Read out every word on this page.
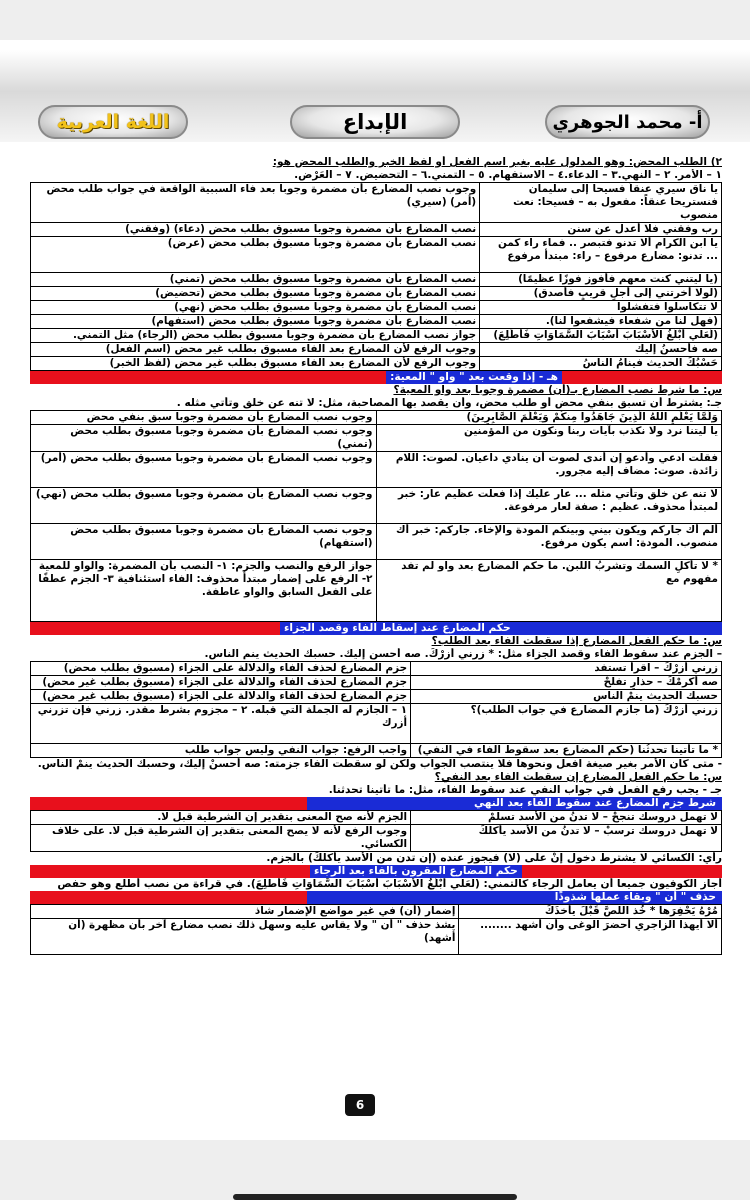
اللغة العربية	الإبداع	أ- محمد الجوهري
٢) الطلب المحض: وهو المدلول عليه بغير اسم الفعل أو لفظ الخبر والطلب المحض هو:
١ – الأمر. ٢ – النهي.٣ – الدعاء.٤ – الاستفهام. ٥ – التمني.٦ – التحضيض. ٧ – العَرْض.
يا ناق سيري عنقاً فسيحا إلى سليمان فنستريحا عنقاً: مفعول به – فسيحا: نعت منصوب	وجوب نصب المضارع بأن مضمرة وجوبا بعد فاء السببية الواقعة في جواب طلب محض (أمر) (سيري)
رب وفقني فلا أعدل عن سنن	نصب المضارع بأن مضمرة وجوبا مسبوق بطلب محض (دعاء) (وفقني)
يا ابن الكرام ألا تدنو فتبصر .. فماء راء كمن ... تدنو: مضارع مرفوع – راء: مبتدأ مرفوع	نصب المضارع بأن مضمرة وجوبا مسبوق بطلب محض (عرض)
(يا ليتني كنت معهم فأفوز فوزًا عظيمًا)	نصب المضارع بأن مضمرة وجوبا مسبوق بطلب محض (تمني)
(لولا أخرتني إلى أجلٍ قريبٍ فأصدق)	نصب المضارع بأن مضمرة وجوبا مسبوق بطلب محض (تحضيض)
لا تتكاسلوا فتفشلوا	نصب المضارع بأن مضمرة وجوبا مسبوق بطلب محض (نهي)
(فهل لنا من شفعاء فيشفعوا لنا).	نصب المضارع بأن مضمرة وجوبا مسبوق بطلب محض (استفهام)
(لَعَلِّي أَبْلُغُ الْأَسْبَابَ أَسْبَابَ السَّمَاوَاتِ فَأَطَّلِعَ)	جواز نصب المضارع بأن مضمرة وجوبا مسبوق بطلب محض (الرجاء) مثل التمني.
صه فأحسنُ إليك	وجوب الرفع لأن المضارع بعد الفاء مسبوق بطلب غير محض (اسم الفعل)
حَسْبُكَ الحديث فينامُ الناسُ	وجوب الرفع لأن المضارع بعد الفاء مسبوق بطلب غير محض (لفظ الخبر)
هـ - إذا وقعت بعد " واو " المعية:
س: ما شرط نصب المضارع بـ(أن) مضمرة وجوبا بعد واو المعية؟
جـ: يشترط أن تسبق بنفي محض أو طلب محض، وأن يقصد بها المصاحبة، مثل: لا تنه عن خلق وتأتي مثله .
وَلَمَّا يَعْلَمِ اللهُ الَّذِينَ جَاهَدُوا مِنكُمْ وَيَعْلَمَ الصَّابِرِينَ)	وجوب نصب المضارع بأن مضمرة وجوبا سبق بنفي محض
يا ليتنا نرد ولا نكذب بآيات ربنا ونكون من المؤمنين	وجوب نصب المضارع بأن مضمرة وجوبا مسبوق بطلب محض (تمني)
فقلت ادعي وأدعو إن أندى لصوت أن ينادي داعيان. لصوت: اللام زائدة. صوت: مضاف إليه مجرور.	وجوب نصب المضارع بأن مضمرة وجوبا مسبوق بطلب محض (أمر)
لا تنه عن خلق وتأتي مثله ... عار عليك إذا فعلت عظيم عار: خبر لمبتدأ محذوف. عظيم : صفة لعار مرفوعة.	وجوب نصب المضارع بأن مضمرة وجوبا مسبوق بطلب محض (نهي)
ألم أك جاركم ويكون بيني وبينكم المودة والإخاء. جاركم: خبر أك منصوب. المودة: اسم يكون مرفوع.	وجوب نصب المضارع بأن مضمرة وجوبا مسبوق بطلب محض (استفهام)
* لا تأكلِ السمك وتشربُ اللبن. ما حكم المضارع بعد واو لم تفد مفهوم مع	جواز الرفع والنصب والجزم: ١- النصب بأن المضمرة: والواو للمعية ٢- الرفع على إضمار مبتدأ محذوف: الفاء استئنافية ٣- الجزم عطفًا على الفعل السابق والواو عاطفة.
حكم المضارع عند إسقاط الفاء وقصد الجزاء
س: ما حكم الفعل المضارع إذا سقطت الفاء بعد الطلب؟
– الجزم عند سقوط الفاء وقصد الجزاء مثل: * زرني أزرْكَ. صه أحسن إليك. حسبك الحديث ينم الناس.
زرني أزرْكَ – اقرأ تستفد	جزم المضارع لحذف الفاء والدلالة على الجزاء (مسبوق بطلب محض)
صه أكرمْكَ – حذارِ تفلحْ	جزم المضارع لحذف الفاء والدلالة على الجزاء (مسبوق بطلب غير محض)
حسبك الحديث ينمْ الناس	جزم المضارع لحذف الفاء والدلالة على الجزاء (مسبوق بطلب غير محض)
زرني أزرْكَ (ما جازم المضارع في جواب الطلب)؟	١ – الجازم له الجملة التي قبله. ٢ – مجزوم بشرط مقدر. زرني فإن تزرني أزرك
* ما تأتينا تحدثُنا (حكم المضارع بعد سقوط الفاء في النفي)	واجب الرفع: جواب النفي وليس جواب طلب
- متى كان الأمر بغير صيغة افعل ونحوها فلا ينتصب الجواب ولكن لو سقطت الفاء جزمته: صه أحسنْ إليك، وحسبك الحديث ينمْ الناس.
س: ما حكم الفعل المضارع إن سقطت الفاء بعد النفي؟
جـ - يجب رفع الفعل في جواب النفي عند سقوط الفاء، مثل: ما تأتينا تحدثنا.
شرط جزم المضارع عند سقوط الفاء بعد النهي
لا تهمل دروسك تنجحْ – لا تدنُ من الأسد تسلمْ	الجزم لأنه صح المعنى بتقدير إن الشرطية قبل لا.
لا تهمل دروسك ترسبْ – لا تدنُ من الأسد يأكلْكَ	وجوب الرفع لأنه لا يصح المعنى بتقدير إن الشرطية قبل لا. على خلاف الكسائي.
رأي: الكسائي لا يشترط دخول إنْ على (لا) فيجوز عنده (إن تدن من الأسد يأكلْكَ) بالجزم.
حكم المضارع المقرون بالفاء بعد الرجاء
أجاز الكوفيون جميعا أن يعامل الرجاء كالتمني: (لَعَلِّي أَبْلُغُ الْأَسْبَابَ أَسْبَابَ السَّمَاوَاتِ فَأَطَّلِعَ). في قراءة من نصب أطلع وهو حفص
حذف " أن " وبقاء عملها شذوذًا
مُرْهُ يَحْفِرَها * خُذ اللصَّ قَبْلَ يأخذَكَ	إضمار (أن) في غير مواضع الإضمار شاذ
ألا أيهذا الزاجري أحضرَ الوغى وأن أشهد ........	يشذ حذف " أن " ولا يقاس عليه وسهل ذلك نصب مضارع آخر بأن مظهرة (أن أشهد)
6
